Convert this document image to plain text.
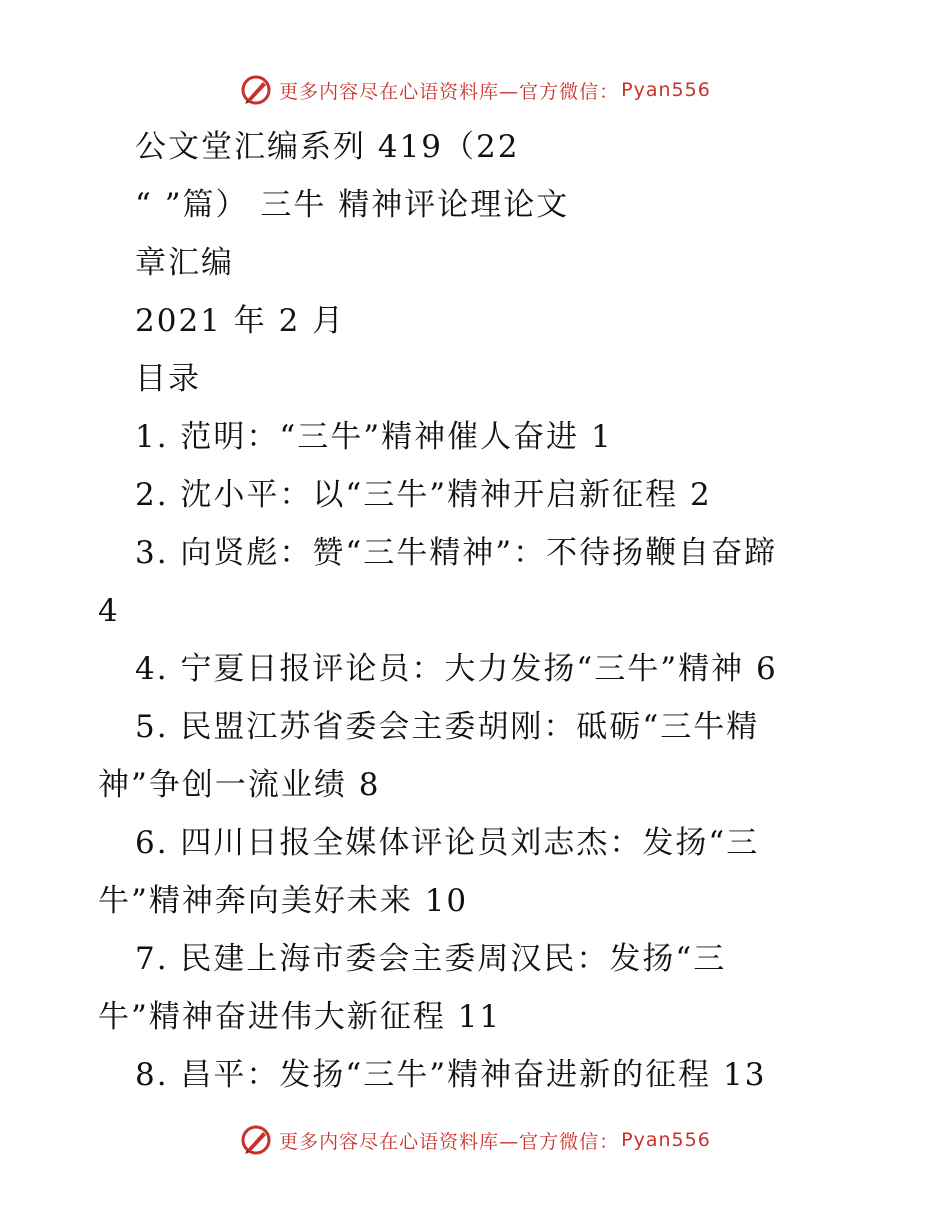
更多内容尽在心语资料库—官方微信： Pyan556
公文堂汇编系列 419（22
“ ”篇） 三牛 精神评论理论文
章汇编
2021 年 2 月
目录
1. 范明：“三牛”精神催人奋进 1
2. 沈小平：以“三牛”精神开启新征程 2
3. 向贤彪：赞“三牛精神”：不待扬鞭自奋蹄
4
4. 宁夏日报评论员：大力发扬“三牛”精神 6
5. 民盟江苏省委会主委胡刚：砥砺“三牛精
神”争创一流业绩 8
6. 四川日报全媒体评论员刘志杰：发扬“三
牛”精神奔向美好未来 10
7. 民建上海市委会主委周汉民：发扬“三
牛”精神奋进伟大新征程 11
8. 昌平：发扬“三牛”精神奋进新的征程 13
更多内容尽在心语资料库—官方微信： Pyan556
